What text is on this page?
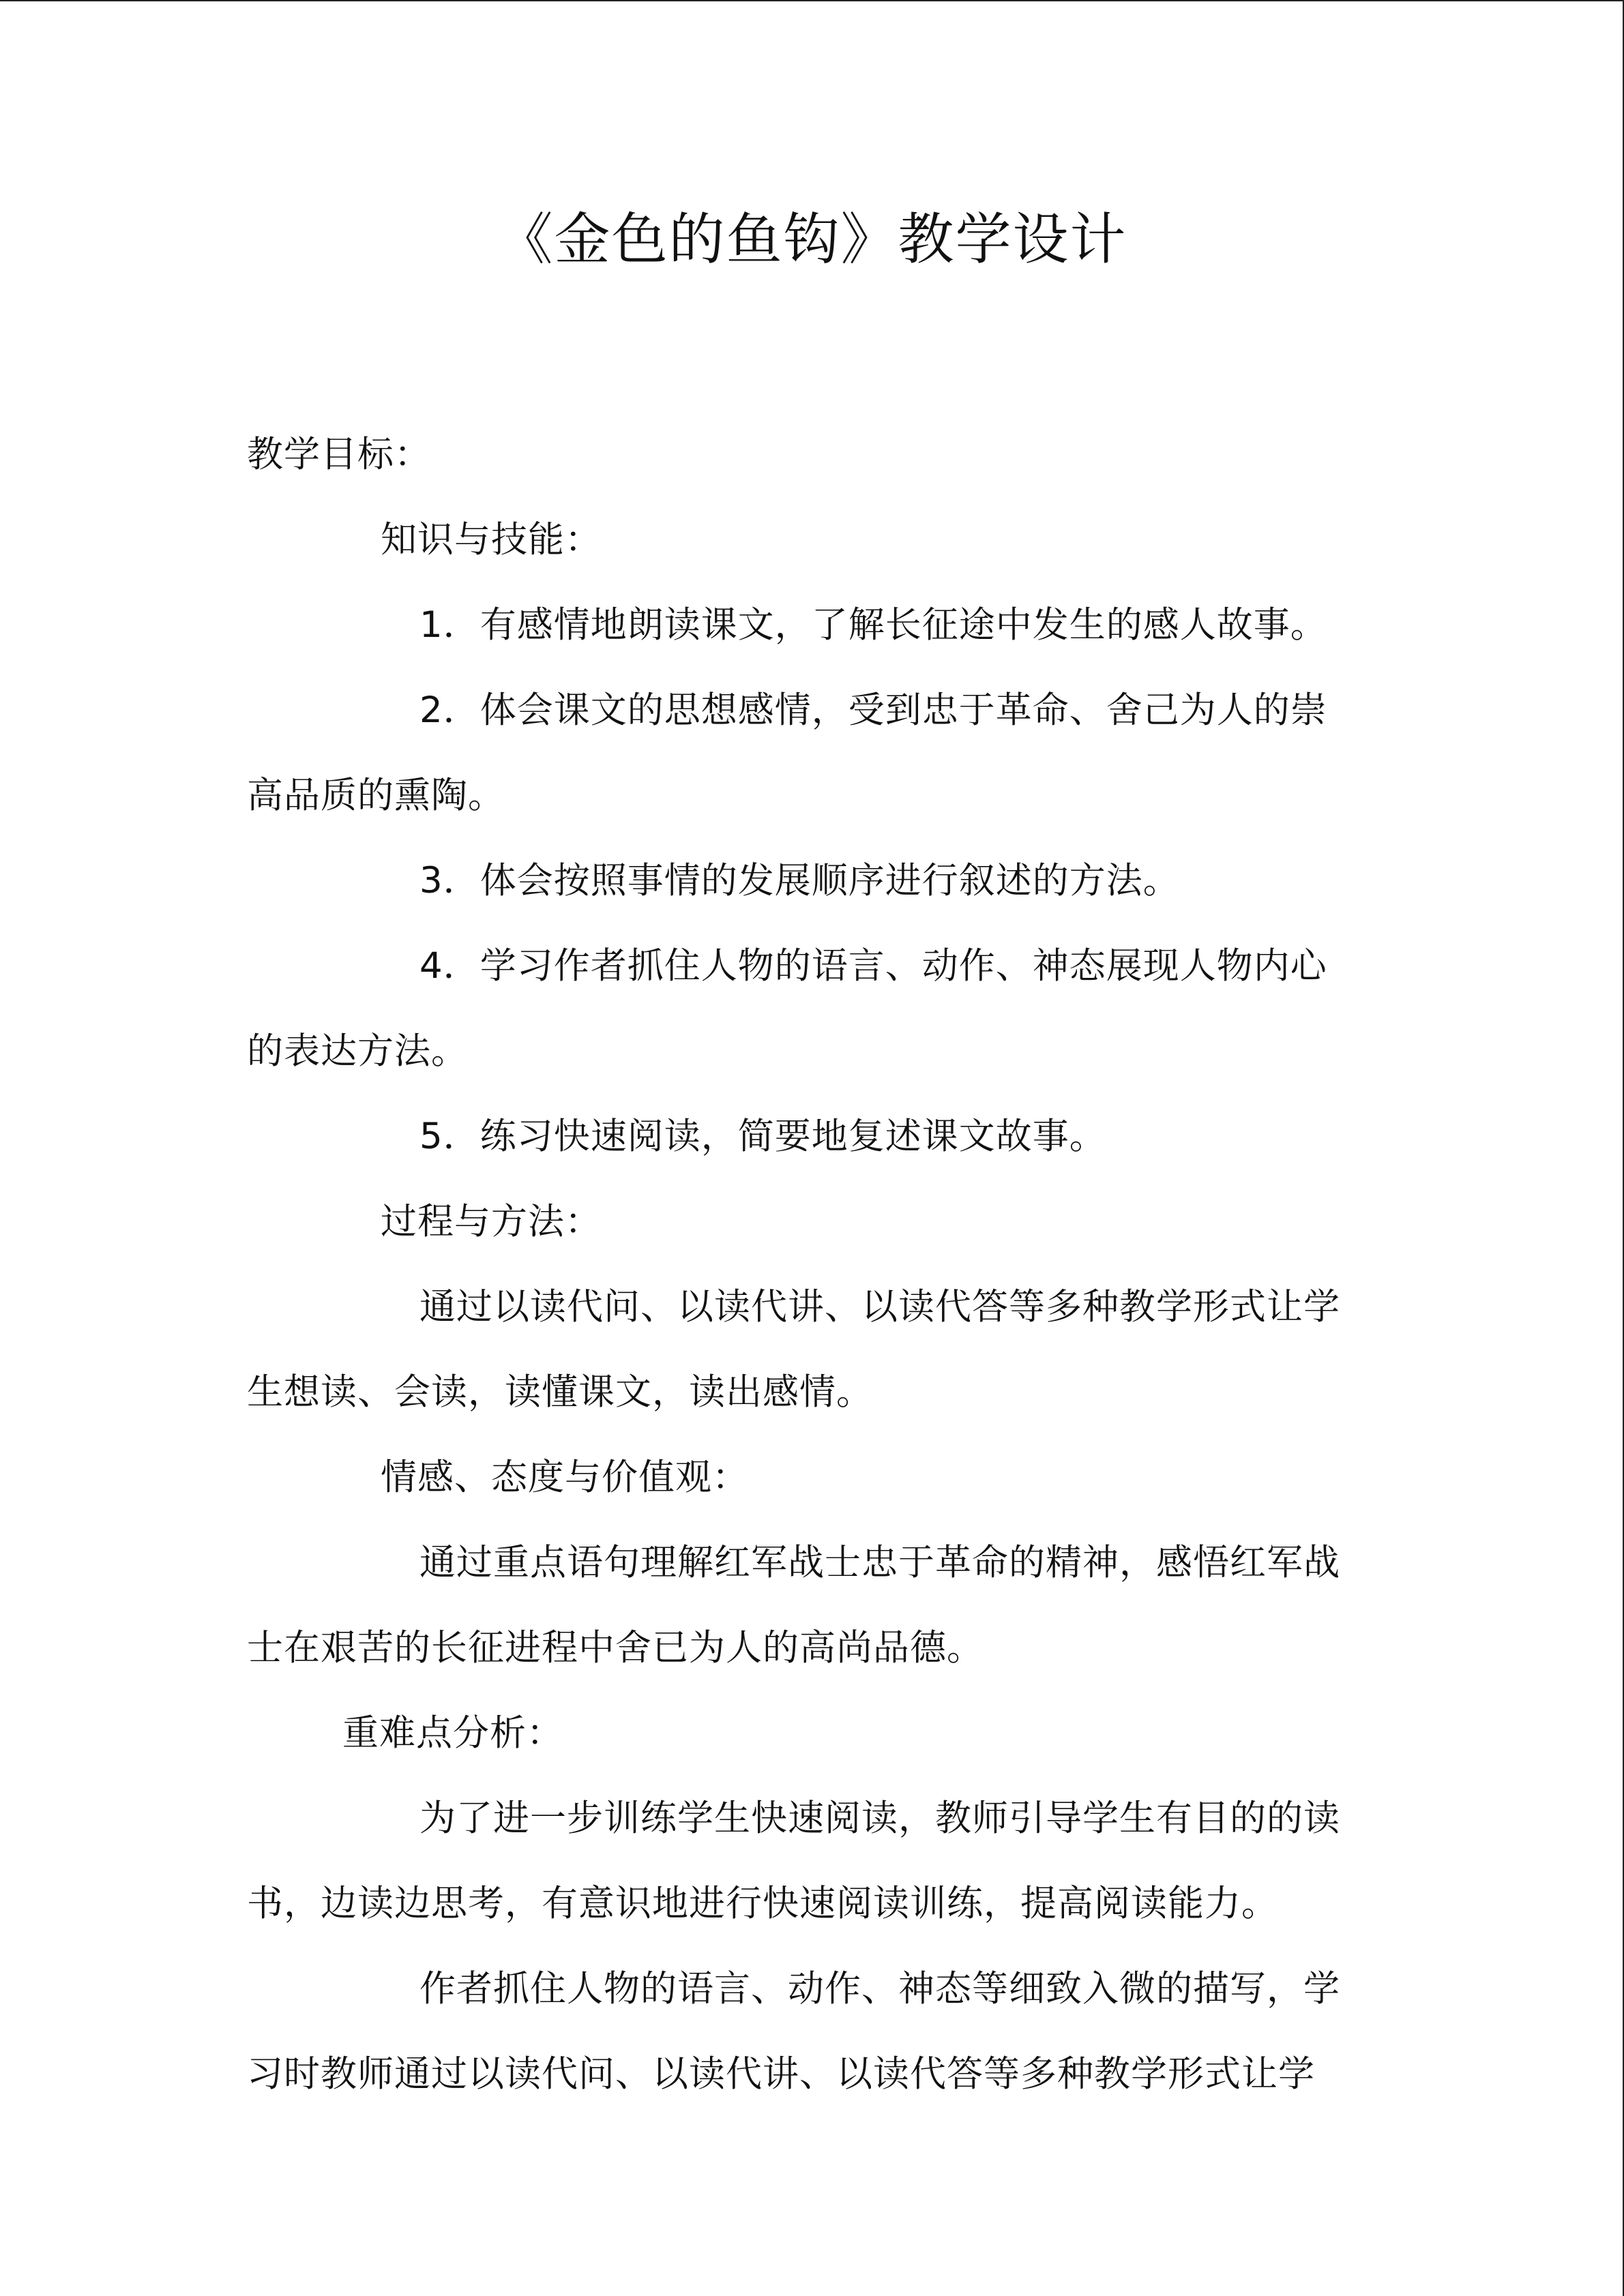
《金色的鱼钩》教学设计
教学目标：
知识与技能：
1．有感情地朗读课文，了解长征途中发生的感人故事。
2．体会课文的思想感情，受到忠于革命、舍己为人的崇
高品质的熏陶。
3．体会按照事情的发展顺序进行叙述的方法。
4．学习作者抓住人物的语言、动作、神态展现人物内心
的表达方法。
5．练习快速阅读，简要地复述课文故事。
过程与方法：
通过以读代问、以读代讲、以读代答等多种教学形式让学
生想读、会读，读懂课文，读出感情。
情感、态度与价值观：
通过重点语句理解红军战士忠于革命的精神，感悟红军战
士在艰苦的长征进程中舍已为人的高尚品德。
重难点分析：
为了进一步训练学生快速阅读，教师引导学生有目的的读
书，边读边思考，有意识地进行快速阅读训练，提高阅读能力。
作者抓住人物的语言、动作、神态等细致入微的描写，学
习时教师通过以读代问、以读代讲、以读代答等多种教学形式让学
